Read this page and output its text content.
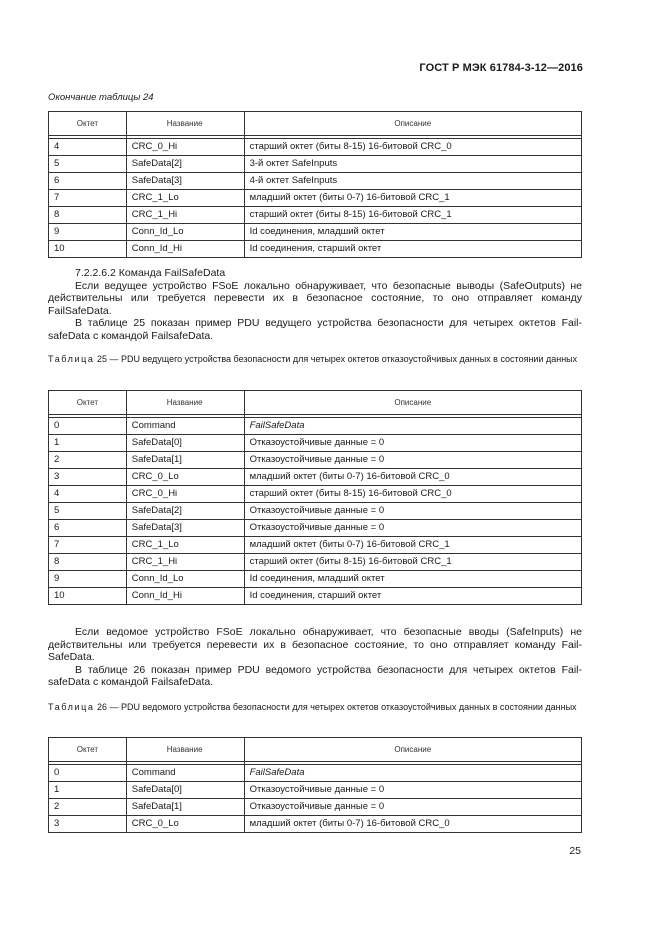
ГОСТ Р МЭК 61784-3-12—2016
Окончание таблицы 24
Октет	Название	Описание

4	CRC_0_Hi	старший октет (биты 8-15) 16-битовой CRC_0
5	SafeData[2]	3-й октет SafeInputs
6	SafeData[3]	4-й октет SafeInputs
7	CRC_1_Lo	младший октет (биты 0-7) 16-битовой CRC_1
8	CRC_1_Hi	старший октет (биты 8-15) 16-битовой CRC_1
9	Conn_Id_Lo	Id соединения, младший октет
10	Conn_Id_Hi	Id соединения, старший октет

7.2.2.6.2 Команда FailSafeData

Если ведущее устройство FSoE локально обнаруживает, что безопасные выводы (SafeOutputs) не действительны или требуется перевести их в безопасное состояние, то оно отправляет команду FailSafeData.

В таблице 25 показан пример PDU ведущего устройства безопасности для четырех октетов Fail-safeData с командой FailsafeData.

Таблица 25 — PDU ведущего устройства безопасности для четырех октетов отказоустойчивых данных в состоянии данных
Октет	Название	Описание

0	Command	FailSafeData
1	SafeData[0]	Отказоустойчивые данные = 0
2	SafeData[1]	Отказоустойчивые данные = 0
3	CRC_0_Lo	младший октет (биты 0-7) 16-битовой CRC_0
4	CRC_0_Hi	старший октет (биты 8-15) 16-битовой CRC_0
5	SafeData[2]	Отказоустойчивые данные = 0
6	SafeData[3]	Отказоустойчивые данные = 0
7	CRC_1_Lo	младший октет (биты 0-7) 16-битовой CRC_1
8	CRC_1_Hi	старший октет (биты 8-15) 16-битовой CRC_1
9	Conn_Id_Lo	Id соединения, младший октет
10	Conn_Id_Hi	Id соединения, старший октет

Если ведомое устройство FSoE локально обнаруживает, что безопасные вводы (SafeInputs) не действительны или требуется перевести их в безопасное состояние, то оно отправляет команду Fail-SafeData.

В таблице 26 показан пример PDU ведомого устройства безопасности для четырех октетов Fail-safeData с командой FailsafeData.

Таблица 26 — PDU ведомого устройства безопасности для четырех октетов отказоустойчивых данных в состоянии данных
Октет	Название	Описание

0	Command	FailSafeData
1	SafeData[0]	Отказоустойчивые данные = 0
2	SafeData[1]	Отказоустойчивые данные = 0
3	CRC_0_Lo	младший октет (биты 0-7) 16-битовой CRC_0
25
